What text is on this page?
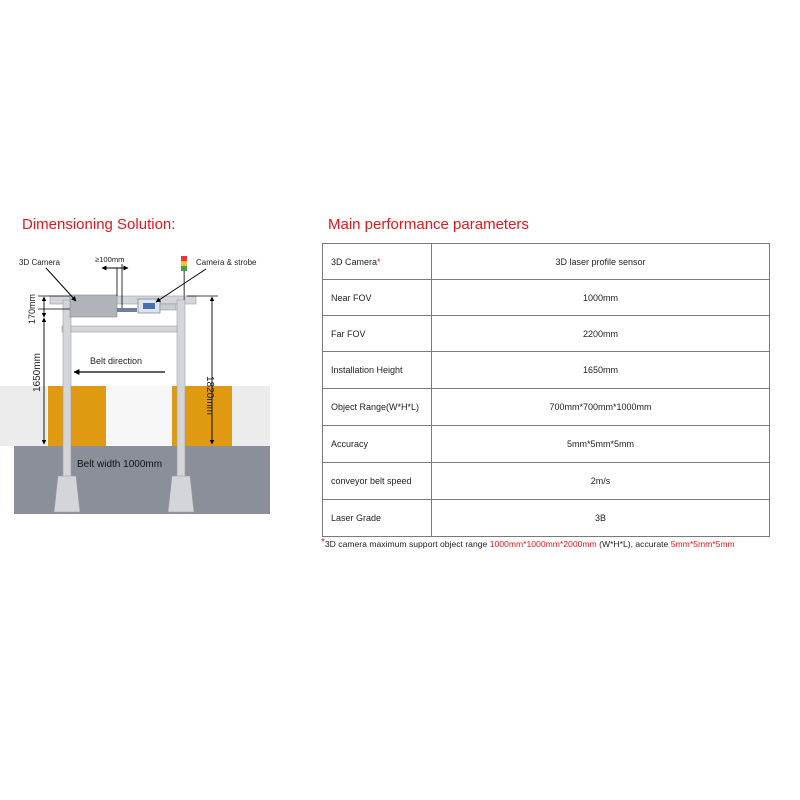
Dimensioning Solution:	Main performance parameters
3D Camera	≥100mm	Camera & strobe
170mm
1650mm
1820mm
Belt direction
Belt width 1000mm
3D Camera*	3D laser profile sensor
Near FOV	1000mm
Far FOV	2200mm
Installation Height	1650mm
Object Range(W*H*L)	700mm*700mm*1000mm
Accuracy	5mm*5mm*5mm
conveyor belt speed	2m/s
Laser Grade	3B
*3D camera maximum support object range 1000mm*1000mm*2000mm (W*H*L), accurate 5mm*5mm*5mm
